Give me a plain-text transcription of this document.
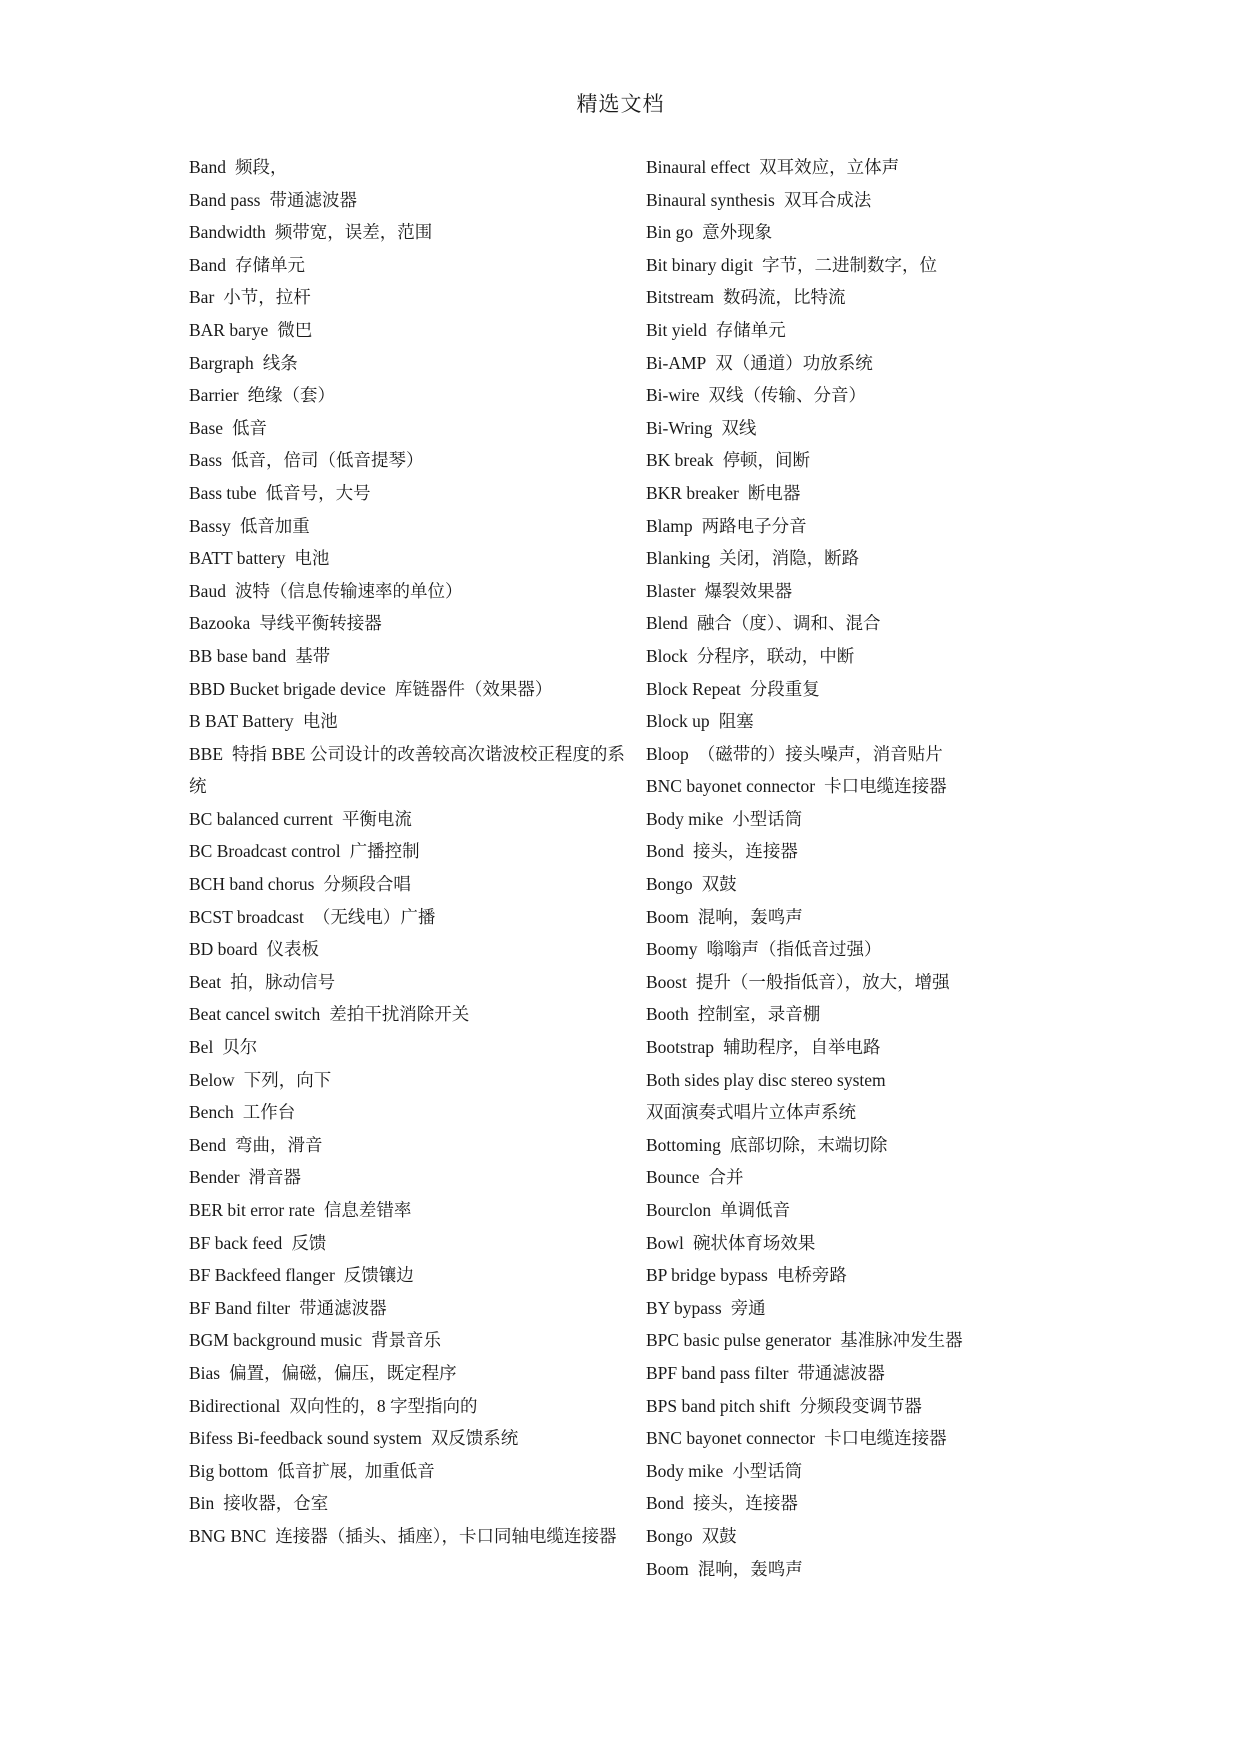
精选文档

Band 频段，

Band pass 带通滤波器

Bandwidth 频带宽，误差，范围

Band 存储单元

Bar 小节，拉杆

BAR barye 微巴

Bargraph 线条

Barrier 绝缘（套）

Base 低音

Bass 低音，倍司（低音提琴）

Bass tube 低音号，大号

Bassy 低音加重

BATT battery 电池

Baud 波特（信息传输速率的单位）

Bazooka 导线平衡转接器

BB base band 基带

BBD Bucket brigade device 库链器件（效果器）

B BAT Battery 电池

BBE 特指 BBE 公司设计的改善较高次谐波校正程度的系统

BC balanced current 平衡电流

BC Broadcast control 广播控制

BCH band chorus 分频段合唱

BCST broadcast （无线电）广播

BD board 仪表板

Beat 拍，脉动信号

Beat cancel switch 差拍干扰消除开关

Bel 贝尔

Below 下列，向下

Bench 工作台

Bend 弯曲，滑音

Bender 滑音器

BER bit error rate 信息差错率

BF back feed 反馈

BF Backfeed flanger 反馈镶边

BF Band filter 带通滤波器

BGM background music 背景音乐

Bias 偏置，偏磁，偏压，既定程序

Bidirectional 双向性的，8 字型指向的

Bifess Bi-feedback sound system 双反馈系统

Big bottom 低音扩展，加重低音

Bin 接收器，仓室

BNG BNC 连接器（插头、插座），卡口同轴电缆连接器

Binaural effect 双耳效应，立体声

Binaural synthesis 双耳合成法

Bin go 意外现象

Bit binary digit 字节，二进制数字，位

Bitstream 数码流，比特流

Bit yield 存储单元

Bi-AMP 双（通道）功放系统

Bi-wire 双线（传输、分音）

Bi-Wring 双线

BK break 停顿，间断

BKR breaker 断电器

Blamp 两路电子分音

Blanking 关闭，消隐，断路

Blaster 爆裂效果器

Blend 融合（度）、调和、混合

Block 分程序，联动，中断

Block Repeat 分段重复

Block up 阻塞

Bloop （磁带的）接头噪声，消音贴片

BNC bayonet connector 卡口电缆连接器

Body mike 小型话筒

Bond 接头，连接器

Bongo 双鼓

Boom 混响，轰鸣声

Boomy 嗡嗡声（指低音过强）

Boost 提升（一般指低音），放大，增强

Booth 控制室，录音棚

Bootstrap 辅助程序，自举电路

Both sides play disc stereo system
双面演奏式唱片立体声系统

Bottoming 底部切除，末端切除

Bounce 合并

Bourclon 单调低音

Bowl 碗状体育场效果

BP bridge bypass 电桥旁路

BY bypass 旁通

BPC basic pulse generator 基准脉冲发生器

BPF band pass filter 带通滤波器

BPS band pitch shift 分频段变调节器

BNC bayonet connector 卡口电缆连接器

Body mike 小型话筒

Bond 接头，连接器

Bongo 双鼓

Boom 混响，轰鸣声
